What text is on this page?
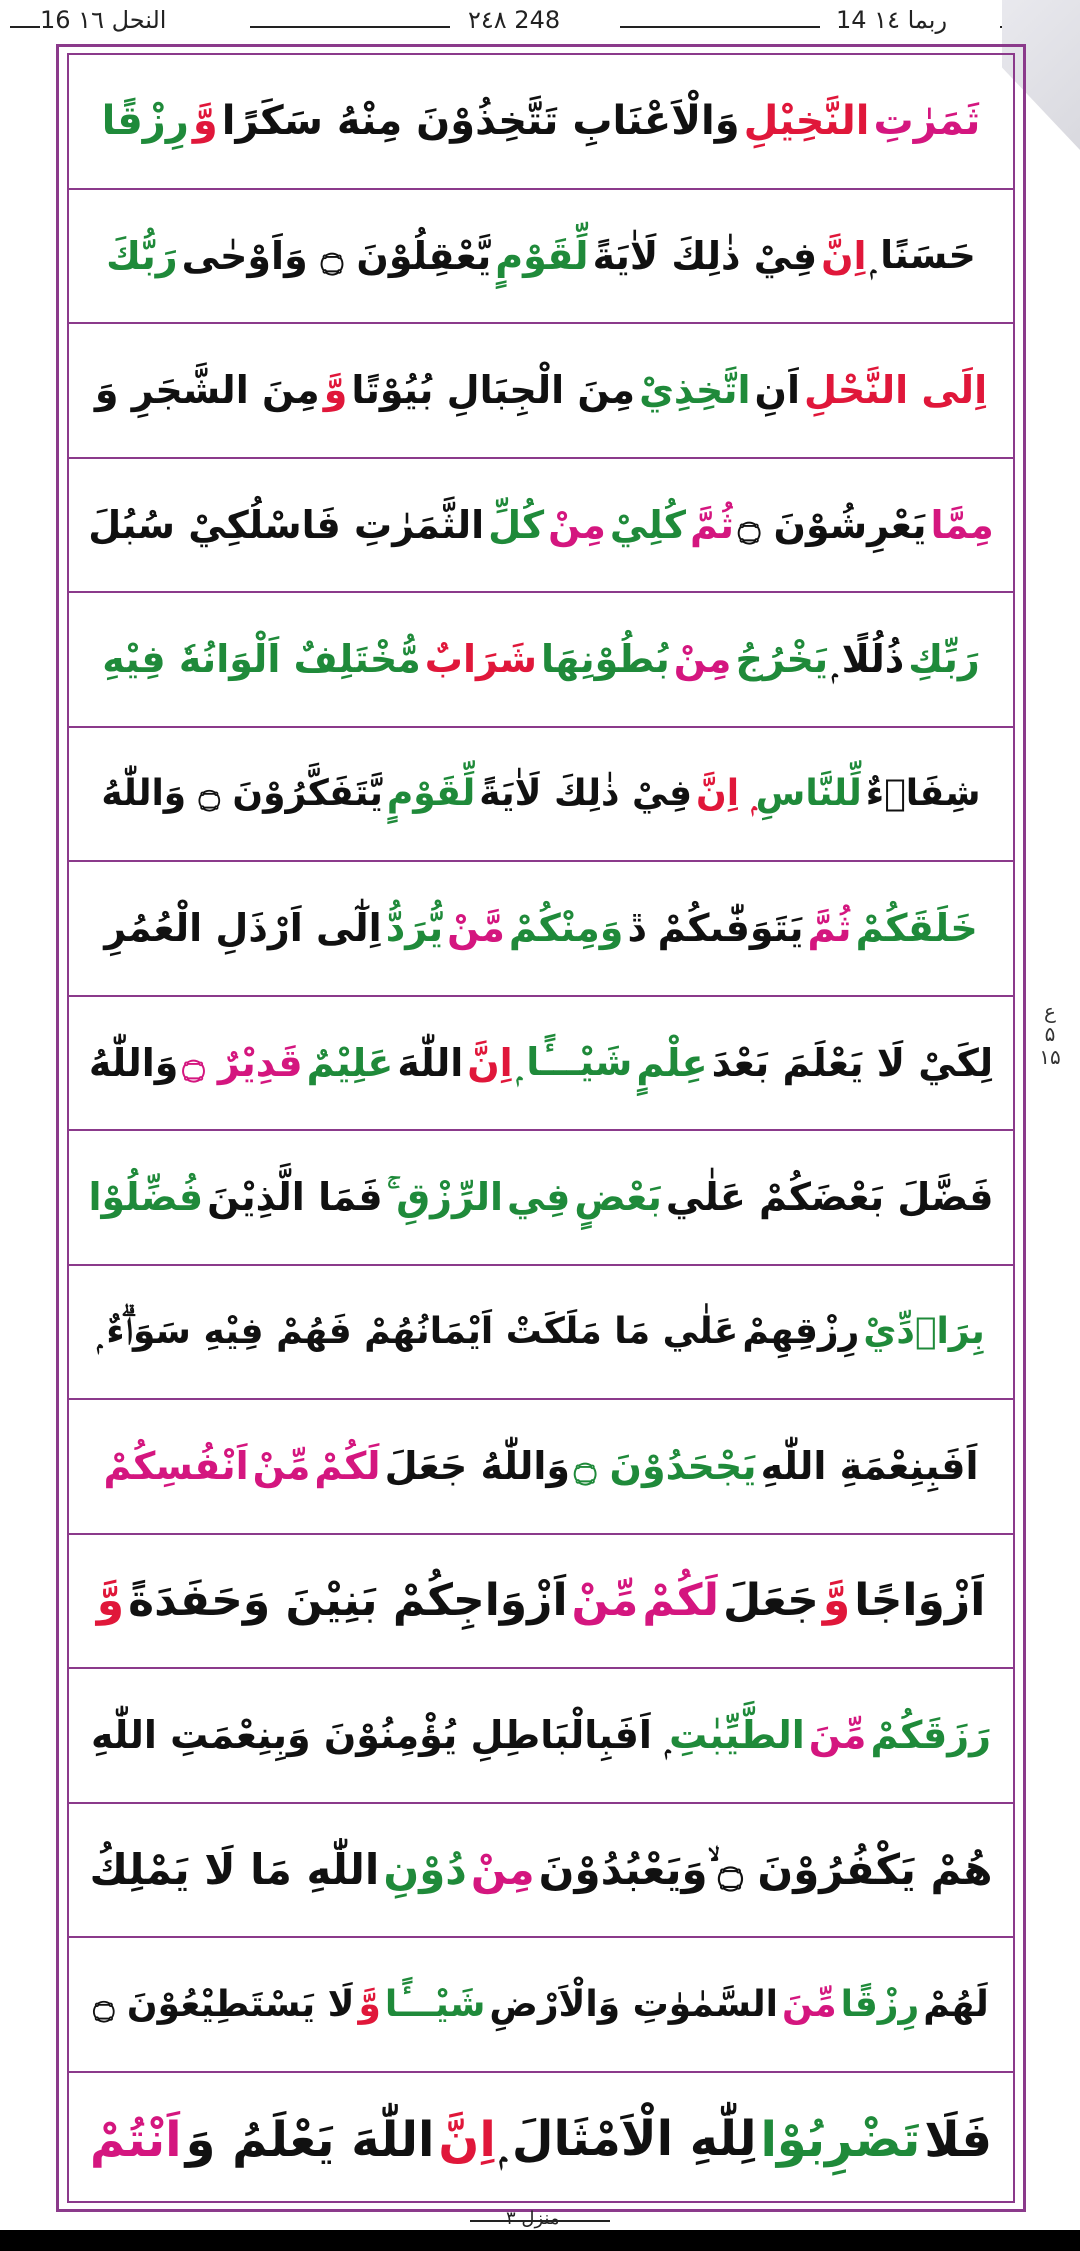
16 النحل ١٦	٢٤٨ 248	14 ربما ١٤
ثَمَرٰتِ
النَّخِيْلِ
وَالْاَعْنَابِ تَتَّخِذُوْنَ مِنْهُ سَكَرًا
وَّ
رِزْقًا
حَسَنًا ۭ
اِنَّ
فِيْ ذٰلِكَ لَاٰيَةً
لِّقَوْمٍ
يَّعْقِلُوْنَ ۝ وَاَوْحٰى
رَبُّكَ
اِلَى النَّحْلِ
اَنِ
اتَّخِذِيْ
مِنَ الْجِبَالِ بُيُوْتًا
وَّ
مِنَ الشَّجَرِ وَ
مِمَّا
يَعْرِشُوْنَ ۝
ثُمَّ
كُلِيْ
مِنْ
كُلِّ
الثَّمَرٰتِ فَاسْلُكِيْ سُبُلَ
رَبِّكِ
ذُلُلًا ۭ
يَخْرُجُ
مِنْ
بُطُوْنِهَا
شَرَابٌ
مُّخْتَلِفٌ اَلْوَانُهٗ فِيْهِ
شِفَاۗءٌ
لِّلنَّاسِ
ۭ اِنَّ
فِيْ ذٰلِكَ لَاٰيَةً
لِّقَوْمٍ
يَّتَفَكَّرُوْنَ ۝ وَاللّٰهُ
خَلَقَكُمْ
ثُمَّ
يَتَوَفّٰىكُمْ ڐ
وَمِنْكُمْ
مَّنْ
يُّرَدُّ
اِلٰٓى اَرْذَلِ الْعُمُرِ
لِكَيْ لَا يَعْلَمَ بَعْدَ
عِلْمٍ
شَيْـــًٔا ۭ
اِنَّ
اللّٰهَ
عَلِيْمٌ
قَدِيْرٌ ۝
وَاللّٰهُ
فَضَّلَ بَعْضَكُمْ عَلٰي
بَعْضٍ
فِي
الرِّزْقِ ۚ
فَمَا الَّذِيْنَ
فُضِّلُوْا
بِرَاۗدِّيْ
رِزْقِهِمْ
عَلٰي مَا مَلَكَتْ اَيْمَانُهُمْ فَهُمْ فِيْهِ سَوَاۗءٌ ۭ
اَفَبِنِعْمَةِ اللّٰهِ
يَجْحَدُوْنَ ۝
وَاللّٰهُ جَعَلَ
لَكُمْ
مِّنْ
اَنْفُسِكُمْ
اَزْوَاجًا
وَّ
جَعَلَ
لَكُمْ
مِّنْ
اَزْوَاجِكُمْ بَنِيْنَ وَحَفَدَةً
وَّ
رَزَقَكُمْ
مِّنَ
الطَّيِّبٰتِ
ۭ اَفَبِالْبَاطِلِ يُؤْمِنُوْنَ وَبِنِعْمَتِ اللّٰهِ
هُمْ يَكْفُرُوْنَ ۝ ۙوَيَعْبُدُوْنَ
مِنْ
دُوْنِ
اللّٰهِ مَا لَا يَمْلِكُ
لَهُمْ
رِزْقًا
مِّنَ
السَّمٰوٰتِ وَالْاَرْضِ
شَيْـــًٔا
وَّ
لَا يَسْتَطِيْعُوْنَ ۝
فَلَا
تَضْرِبُوْا
لِلّٰهِ الْاَمْثَالَ ۭ
اِنَّ
اللّٰهَ يَعْلَمُ وَ
اَنْتُمْ
ع
۵
۱۵
منزل ٣
